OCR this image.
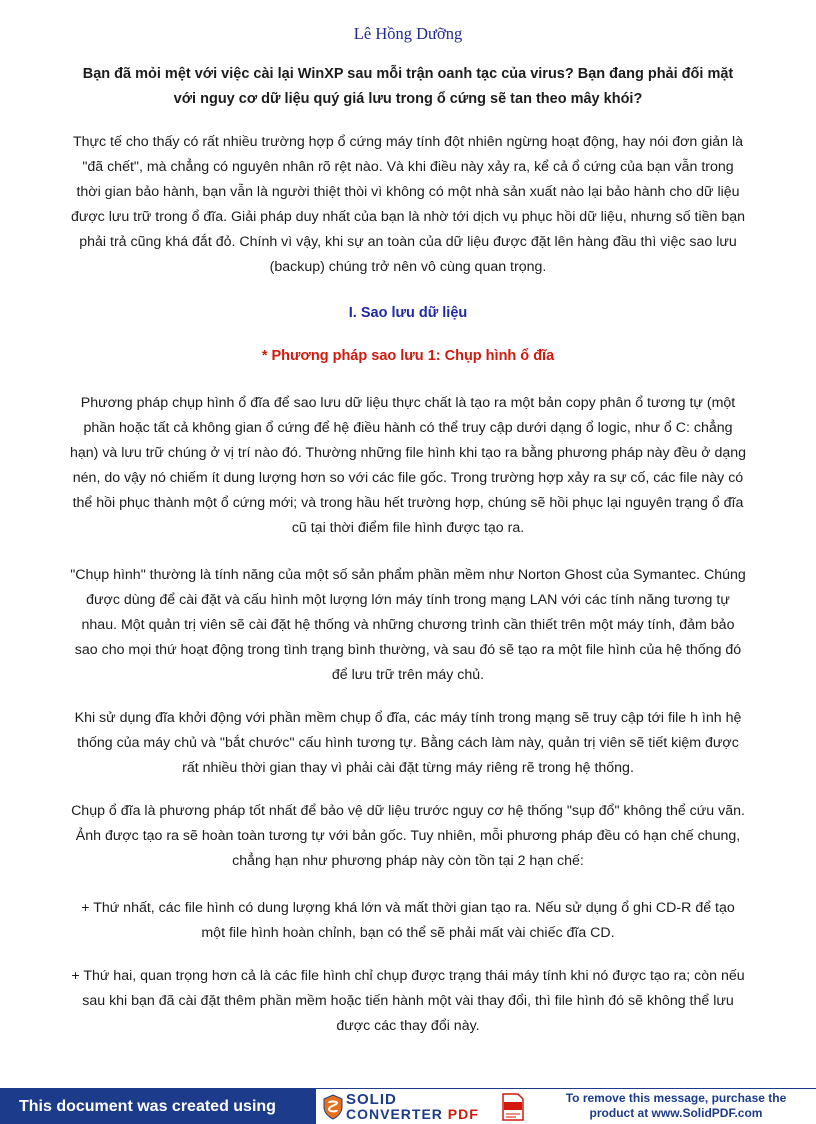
Lê Hồng Dưỡng
Bạn đã mỏi mệt với việc cài lại WinXP sau mỗi trận oanh tạc của virus? Bạn đang phải đối mặt với nguy cơ dữ liệu quý giá lưu trong ổ cứng sẽ tan theo mây khói?

Thực tế cho thấy có rất nhiều trường hợp ổ cứng máy tính đột nhiên ngừng hoạt động, hay nói đơn giản là "đã chết", mà chẳng có nguyên nhân rõ rệt nào. Và khi điều này xảy ra, kể cả ổ cứng của bạn vẫn trong thời gian bảo hành, bạn vẫn là người thiệt thòi vì không có một nhà sản xuất nào lại bảo hành cho dữ liệu được lưu trữ trong ổ đĩa. Giải pháp duy nhất của bạn là nhờ tới dịch vụ phục hồi dữ liệu, nhưng số tiền bạn phải trả cũng khá đắt đỏ. Chính vì vậy, khi sự an toàn của dữ liệu được đặt lên hàng đầu thì việc sao lưu (backup) chúng trở nên vô cùng quan trọng.

I. Sao lưu dữ liệu

* Phương pháp sao lưu 1: Chụp hình ổ đĩa

Phương pháp chụp hình ổ đĩa để sao lưu dữ liệu thực chất là tạo ra một bản copy phân ổ tương tự (một phần hoặc tất cả không gian ổ cứng để hệ điều hành có thể truy cập dưới dạng ổ logic, như ổ C: chẳng hạn) và lưu trữ chúng ở vị trí nào đó. Thường những file hình khi tạo ra bằng phương pháp này đều ở dạng nén, do vậy nó chiếm ít dung lượng hơn so với các file gốc. Trong trường hợp xảy ra sự cố, các file này có thể hồi phục thành một ổ cứng mới; và trong hầu hết trường hợp, chúng sẽ hồi phục lại nguyên trạng ổ đĩa cũ tại thời điểm file hình được tạo ra.

"Chụp hình" thường là tính năng của một số sản phẩm phần mềm như Norton Ghost của Symantec. Chúng được dùng để cài đặt và cấu hình một lượng lớn máy tính trong mạng LAN với các tính năng tương tự nhau. Một quản trị viên sẽ cài đặt hệ thống và những chương trình cần thiết trên một máy tính, đảm bảo sao cho mọi thứ hoạt động trong tình trạng bình thường, và sau đó sẽ tạo ra một file hình của hệ thống đó để lưu trữ trên máy chủ.

Khi sử dụng đĩa khởi động với phần mềm chụp ổ đĩa, các máy tính trong mạng sẽ truy cập tới file h ình hệ thống của máy chủ và "bắt chước" cấu hình tương tự. Bằng cách làm này, quản trị viên sẽ tiết kiệm được rất nhiều thời gian thay vì phải cài đặt từng máy riêng rẽ trong hệ thống.

Chụp ổ đĩa là phương pháp tốt nhất để bảo vệ dữ liệu trước nguy cơ hệ thống "sụp đổ" không thể cứu vãn. Ảnh được tạo ra sẽ hoàn toàn tương tự với bản gốc. Tuy nhiên, mỗi phương pháp đều có hạn chế chung, chẳng hạn như phương pháp này còn tồn tại 2 hạn chế:

+ Thứ nhất, các file hình có dung lượng khá lớn và mất thời gian tạo ra. Nếu sử dụng ổ ghi CD-R để tạo một file hình hoàn chỉnh, bạn có thể sẽ phải mất vài chiếc đĩa CD.

+ Thứ hai, quan trọng hơn cả là các file hình chỉ chụp được trạng thái máy tính khi nó được tạo ra; còn nếu sau khi bạn đã cài đặt thêm phần mềm hoặc tiến hành một vài thay đổi, thì file hình đó sẽ không thể lưu được các thay đổi này.

This document was created using	SOLID
CONVERTER PDF
To remove this message, purchase the
product at www.SolidPDF.com
